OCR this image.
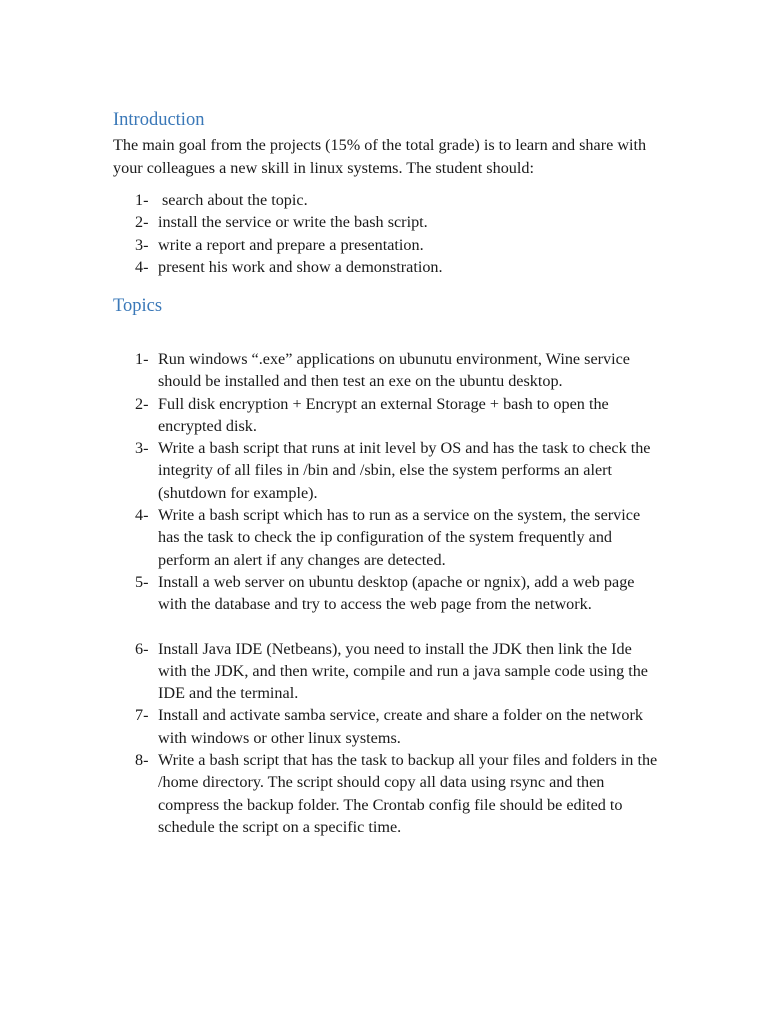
Introduction

The main goal from the projects (15% of the total grade) is to learn and share with your colleagues a new skill in linux systems. The student should:

1- search about the topic.
2- install the service or write the bash script.
3- write a report and prepare a presentation.
4- present his work and show a demonstration.
Topics
1- Run windows “.exe” applications on ubunutu environment, Wine service should be installed and then test an exe on the ubuntu desktop.
2- Full disk encryption + Encrypt an external Storage + bash to open the encrypted disk.
3- Write a bash script that runs at init level by OS and has the task to check the integrity of all files in /bin and /sbin, else the system performs an alert (shutdown for example).
4- Write a bash script which has to run as a service on the system, the service has the task to check the ip configuration of the system frequently and perform an alert if any changes are detected.
5- Install a web server on ubuntu desktop (apache or ngnix), add a web page with the database and try to access the web page from the network.
6- Install Java IDE (Netbeans), you need to install the JDK then link the Ide with the JDK, and then write, compile and run a java sample code using the IDE and the terminal.
7- Install and activate samba service, create and share a folder on the network with windows or other linux systems.
8- Write a bash script that has the task to backup all your files and folders in the /home directory. The script should copy all data using rsync and then compress the backup folder. The Crontab config file should be edited to schedule the script on a specific time.
